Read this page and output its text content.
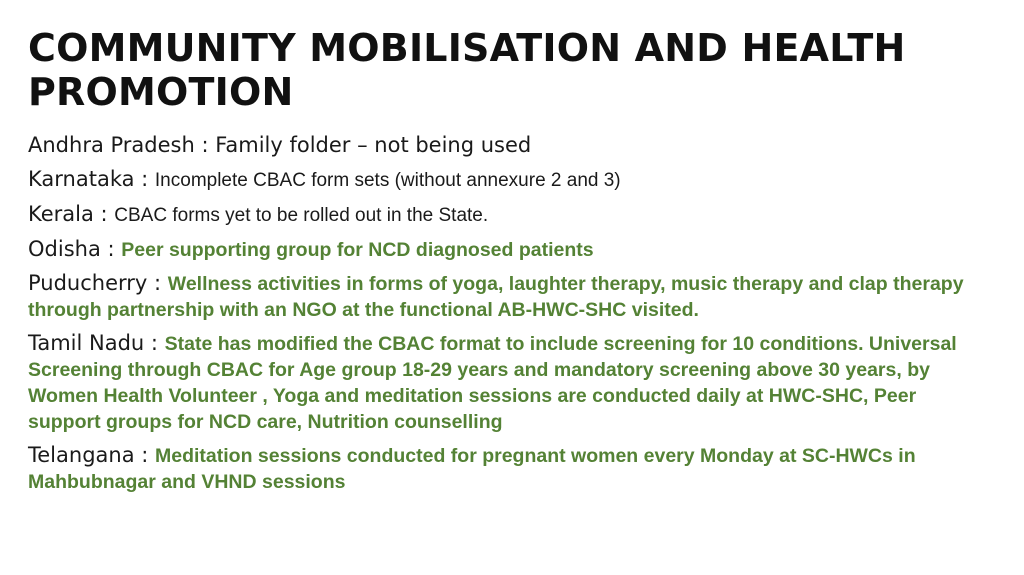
COMMUNITY MOBILISATION AND HEALTH PROMOTION
Andhra Pradesh : Family folder – not being used
Karnataka : Incomplete CBAC form sets (without annexure 2 and 3)
Kerala : CBAC forms yet to be rolled out in the State.
Odisha : Peer supporting group for NCD diagnosed patients
Puducherry : Wellness activities in forms of yoga, laughter therapy, music therapy and clap therapy through partnership with an NGO at the functional AB-HWC-SHC visited.
Tamil Nadu : State has modified the CBAC format to include screening for 10 conditions. Universal Screening through CBAC for Age group 18-29 years and mandatory screening above 30 years, by Women Health Volunteer , Yoga and meditation sessions are conducted daily at HWC-SHC, Peer support groups for NCD care, Nutrition counselling
Telangana : Meditation sessions conducted for pregnant women every Monday at SC-HWCs in Mahbubnagar and VHND sessions
